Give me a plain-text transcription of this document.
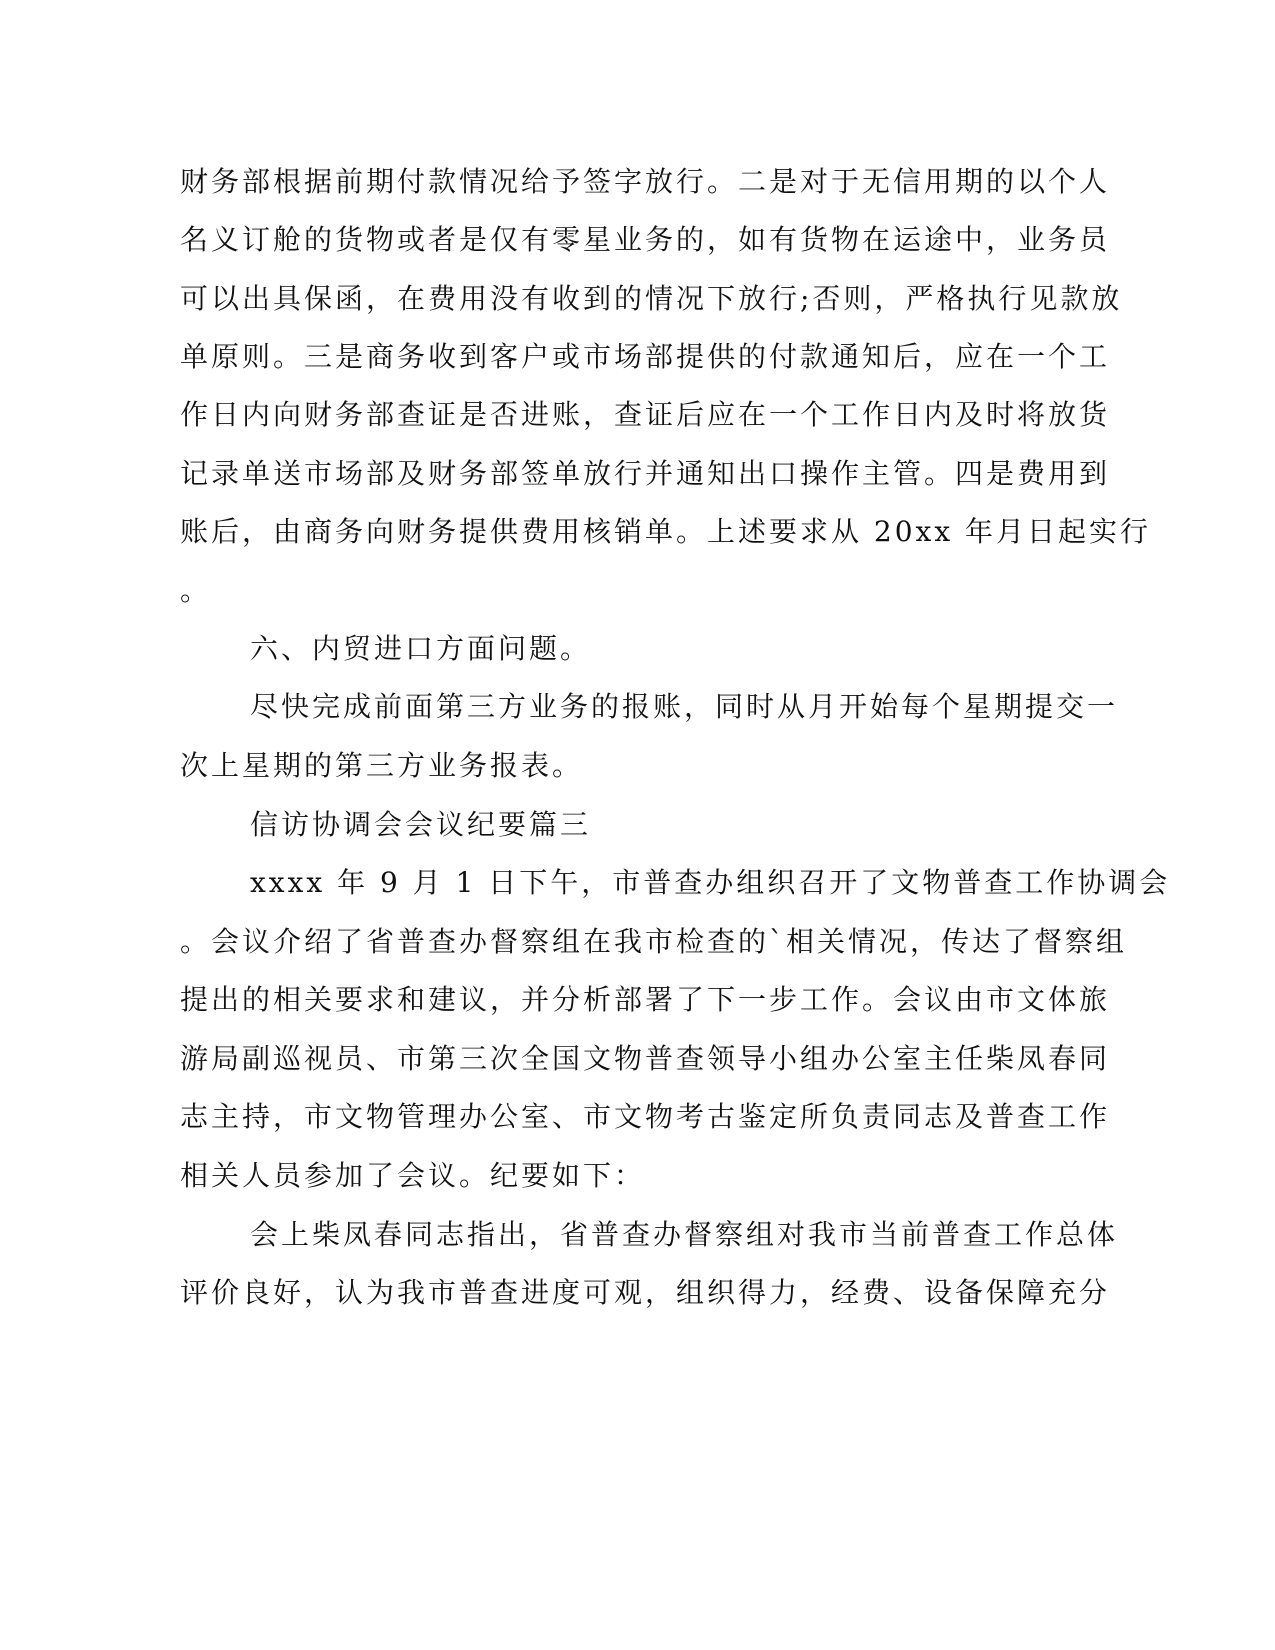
财务部根据前期付款情况给予签字放行。二是对于无信用期的以个人
名义订舱的货物或者是仅有零星业务的，如有货物在运途中，业务员
可以出具保函，在费用没有收到的情况下放行;否则，严格执行见款放
单原则。三是商务收到客户或市场部提供的付款通知后，应在一个工
作日内向财务部查证是否进账，查证后应在一个工作日内及时将放货
记录单送市场部及财务部签单放行并通知出口操作主管。四是费用到
账后，由商务向财务提供费用核销单。上述要求从 20xx 年月日起实行
。
六、内贸进口方面问题。
尽快完成前面第三方业务的报账，同时从月开始每个星期提交一
次上星期的第三方业务报表。
信访协调会会议纪要篇三
xxxx 年 9 月 1 日下午，市普查办组织召开了文物普查工作协调会
。会议介绍了省普查办督察组在我市检查的`相关情况，传达了督察组
提出的相关要求和建议，并分析部署了下一步工作。会议由市文体旅
游局副巡视员、市第三次全国文物普查领导小组办公室主任柴凤春同
志主持，市文物管理办公室、市文物考古鉴定所负责同志及普查工作
相关人员参加了会议。纪要如下：
会上柴凤春同志指出，省普查办督察组对我市当前普查工作总体
评价良好，认为我市普查进度可观，组织得力，经费、设备保障充分
